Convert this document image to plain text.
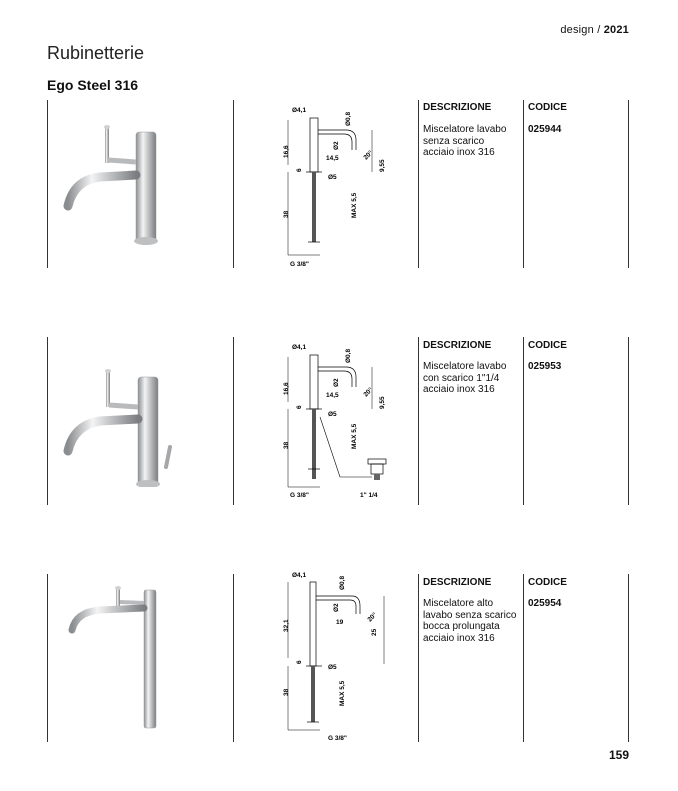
design / 2021
Rubinetterie
Ego Steel 316
Ø4,1
Ø0,8
16,6	Ø2
14,5	20°
9,55
6
Ø5
38	MAX 5,5
G 3/8"
DESCRIZIONE	CODICE
Miscelatore lavabo
senza scarico
acciaio inox 316
025944
Ø4,1
Ø0,8
16,6	Ø2
14,5	20°
9,55
6
Ø5
38	MAX 5,5
G 3/8"	1" 1/4
DESCRIZIONE	CODICE
Miscelatore lavabo
con scarico 1"1/4
acciaio inox 316
025953
Ø4,1
Ø0,8
32,1
Ø2
19	20°
25
6
Ø5
38	MAX 5,5
G 3/8"
DESCRIZIONE	CODICE
Miscelatore alto
lavabo senza scarico
bocca prolungata
acciaio inox 316
025954
159
